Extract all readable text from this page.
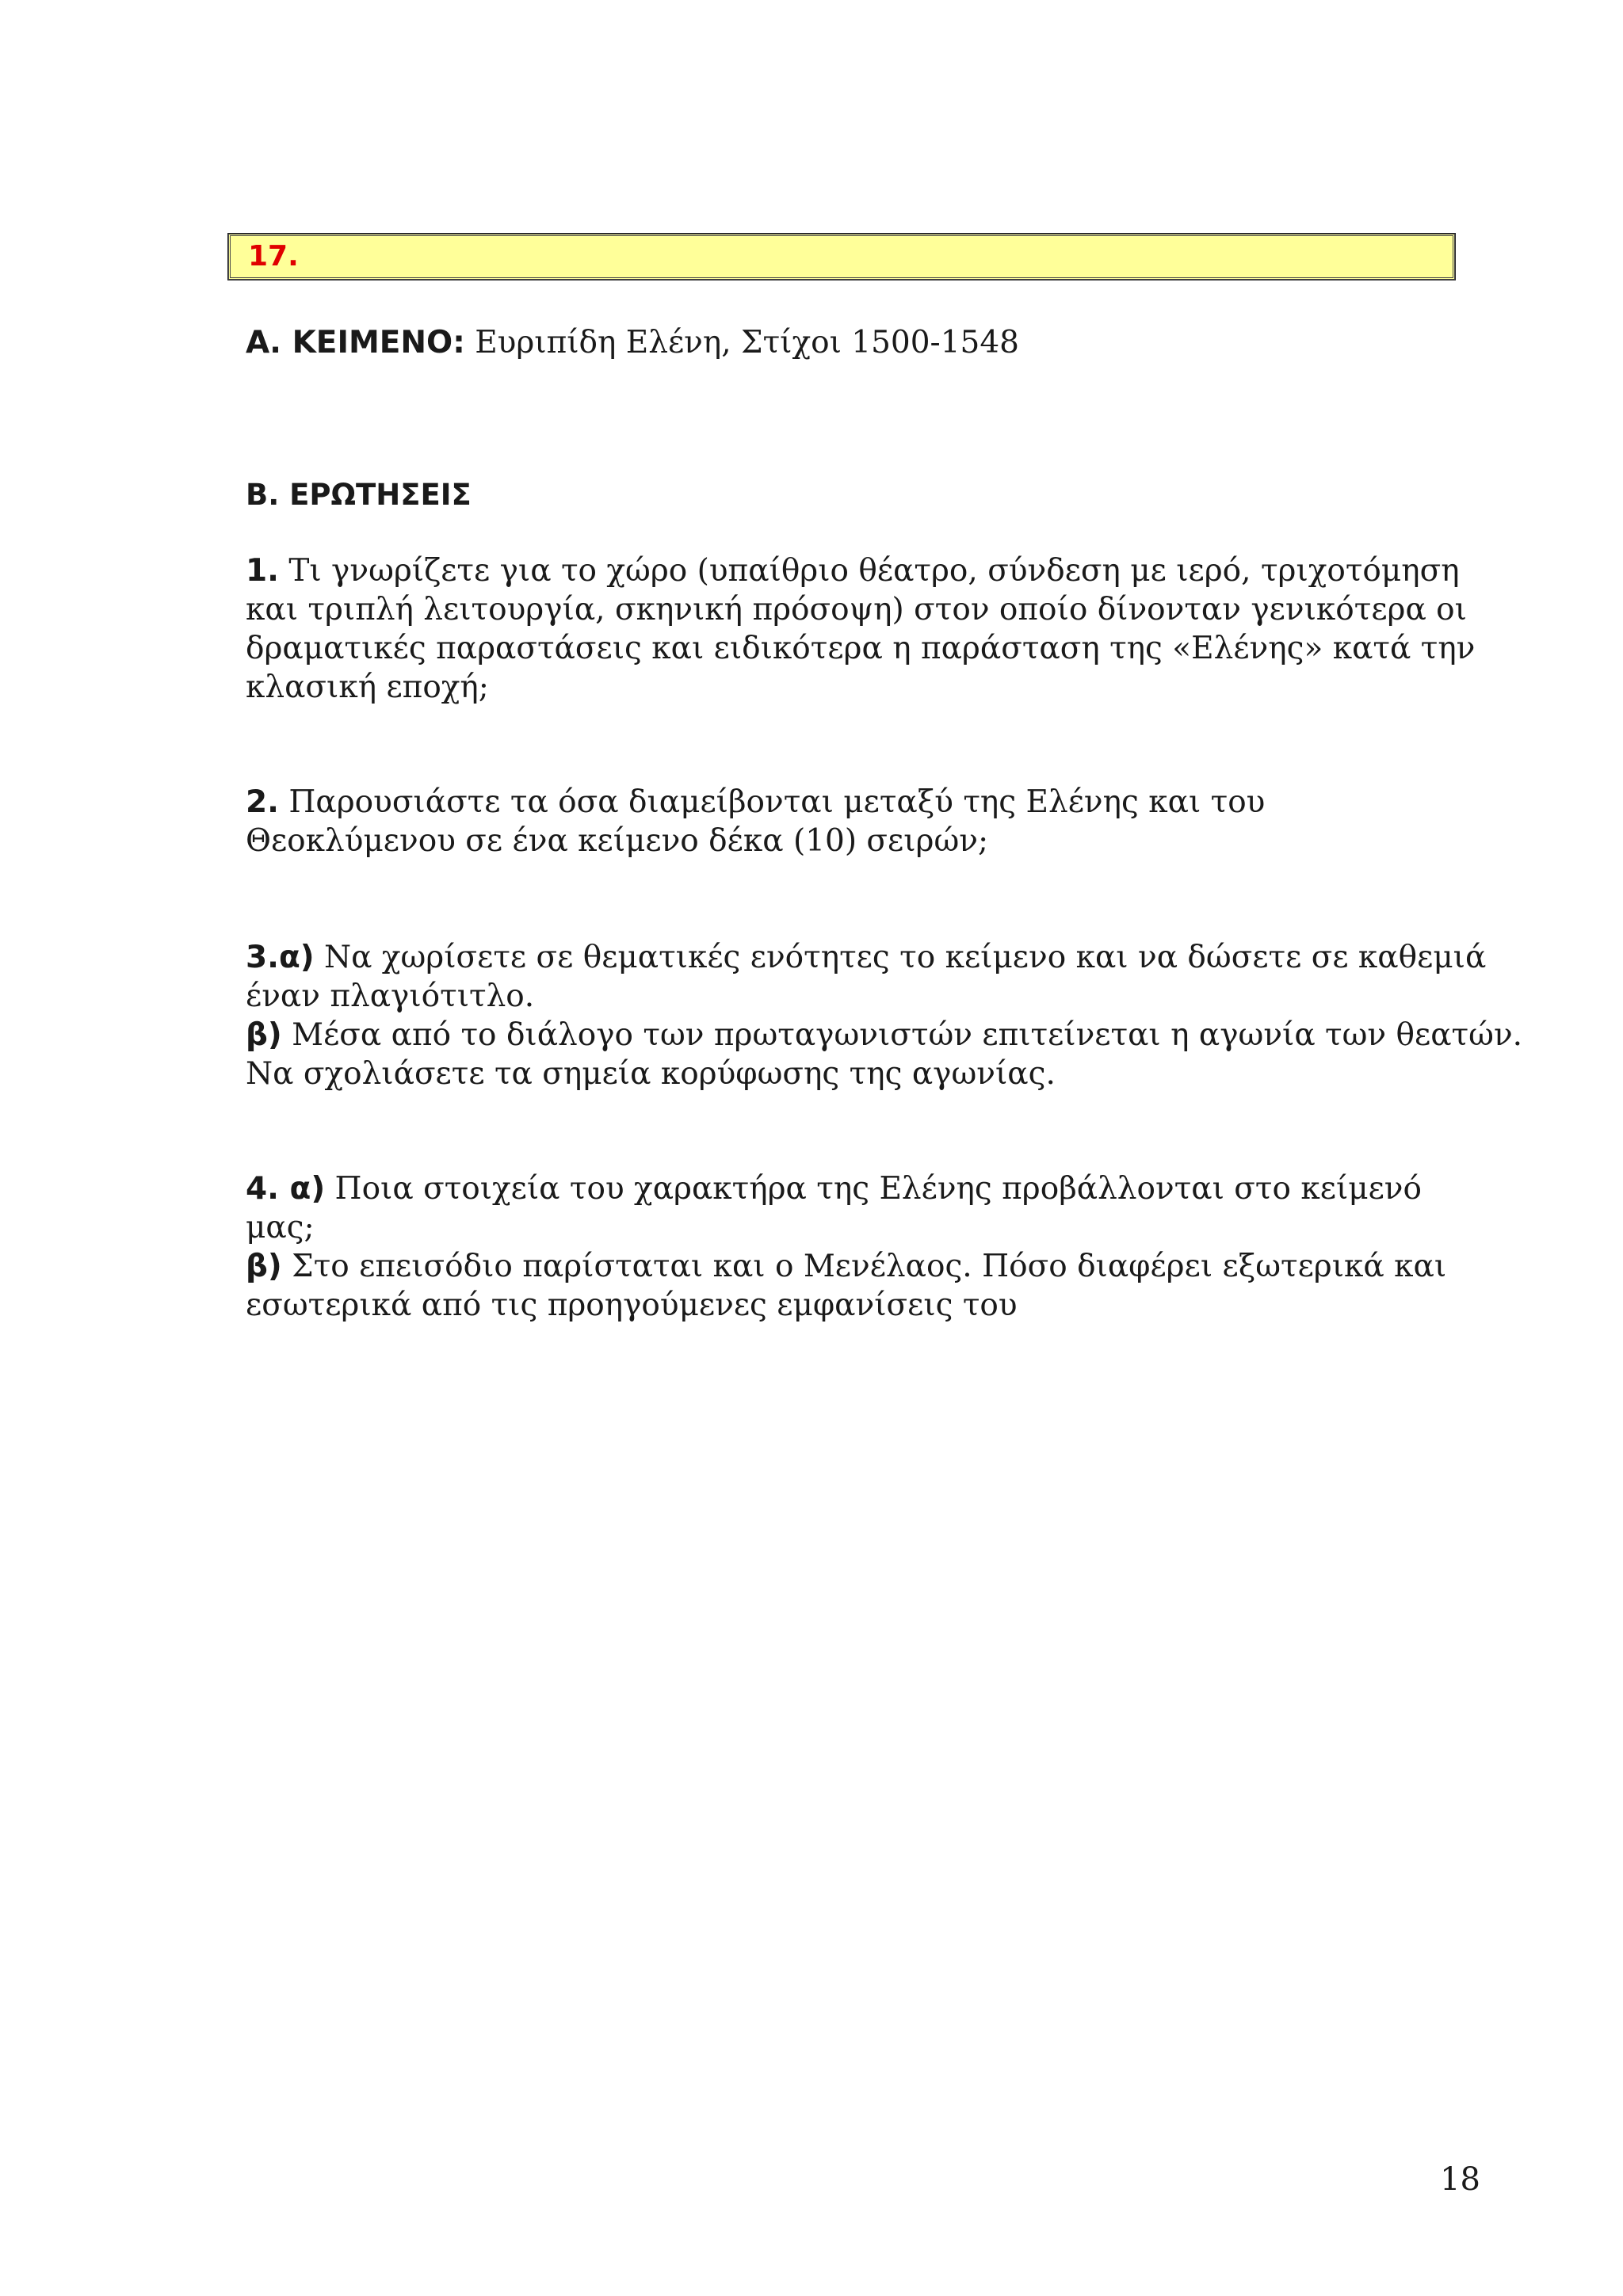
17.
Α. ΚΕΙΜΕΝΟ: Ευριπίδη Ελένη, Στίχοι 1500-1548
Β. ΕΡΩΤΗΣΕΙΣ
1. Τι γνωρίζετε για το χώρο (υπαίθριο θέατρο, σύνδεση με ιερό, τριχοτόμηση
και τριπλή λειτουργία, σκηνική πρόσοψη) στον οποίο δίνονταν γενικότερα οι
δραματικές παραστάσεις και ειδικότερα η παράσταση της «Ελένης» κατά την
κλασική εποχή;
2. Παρουσιάστε τα όσα διαμείβονται μεταξύ της Ελένης και του
Θεοκλύμενου σε ένα κείμενο δέκα (10) σειρών;
3.α) Να χωρίσετε σε θεματικές ενότητες το κείμενο και να δώσετε σε καθεμιά
έναν πλαγιότιτλο.
β) Μέσα από το διάλογο των πρωταγωνιστών επιτείνεται η αγωνία των θεατών.
Να σχολιάσετε τα σημεία κορύφωσης της αγωνίας.
4. α) Ποια στοιχεία του χαρακτήρα της Ελένης προβάλλονται στο κείμενό
μας;
β) Στο επεισόδιο παρίσταται και ο Μενέλαος. Πόσο διαφέρει εξωτερικά και
εσωτερικά από τις προηγούμενες εμφανίσεις του
18
